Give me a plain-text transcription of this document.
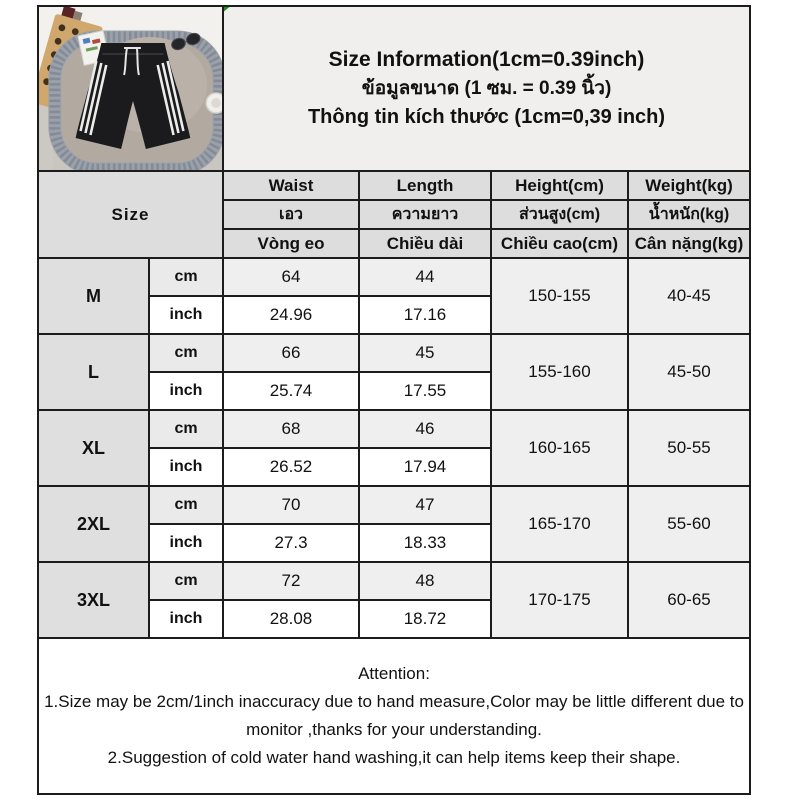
Size Information(1cm=0.39inch)
ข้อมูลขนาด (1 ซม. = 0.39 นิ้ว)
Thông tin kích thước (1cm=0,39 inch)			

Size		Waist	Length	Height(cm)	Weight(kg)
		เอว	ความยาว	ส่วนสูง(cm)	น้ำหนัก(kg)
		Vòng eo	Chiều dài	Chiều cao(cm)	Cân nặng(kg)
M	cm	64	44	150-155	40-45
	inch	24.96	17.16		
L	cm	66	45	155-160	45-50
	inch	25.74	17.55		
XL	cm	68	46	160-165	50-55
	inch	26.52	17.94		
2XL	cm	70	47	165-170	55-60
	inch	27.3	18.33		
3XL	cm	72	48	170-175	60-65
	inch	28.08	18.72		

Attention:
1.Size may be 2cm/1inch inaccuracy due to hand measure,Color may be little different due to monitor ,thanks for your understanding.
2.Suggestion of cold water hand washing,it can help items keep their shape.					
